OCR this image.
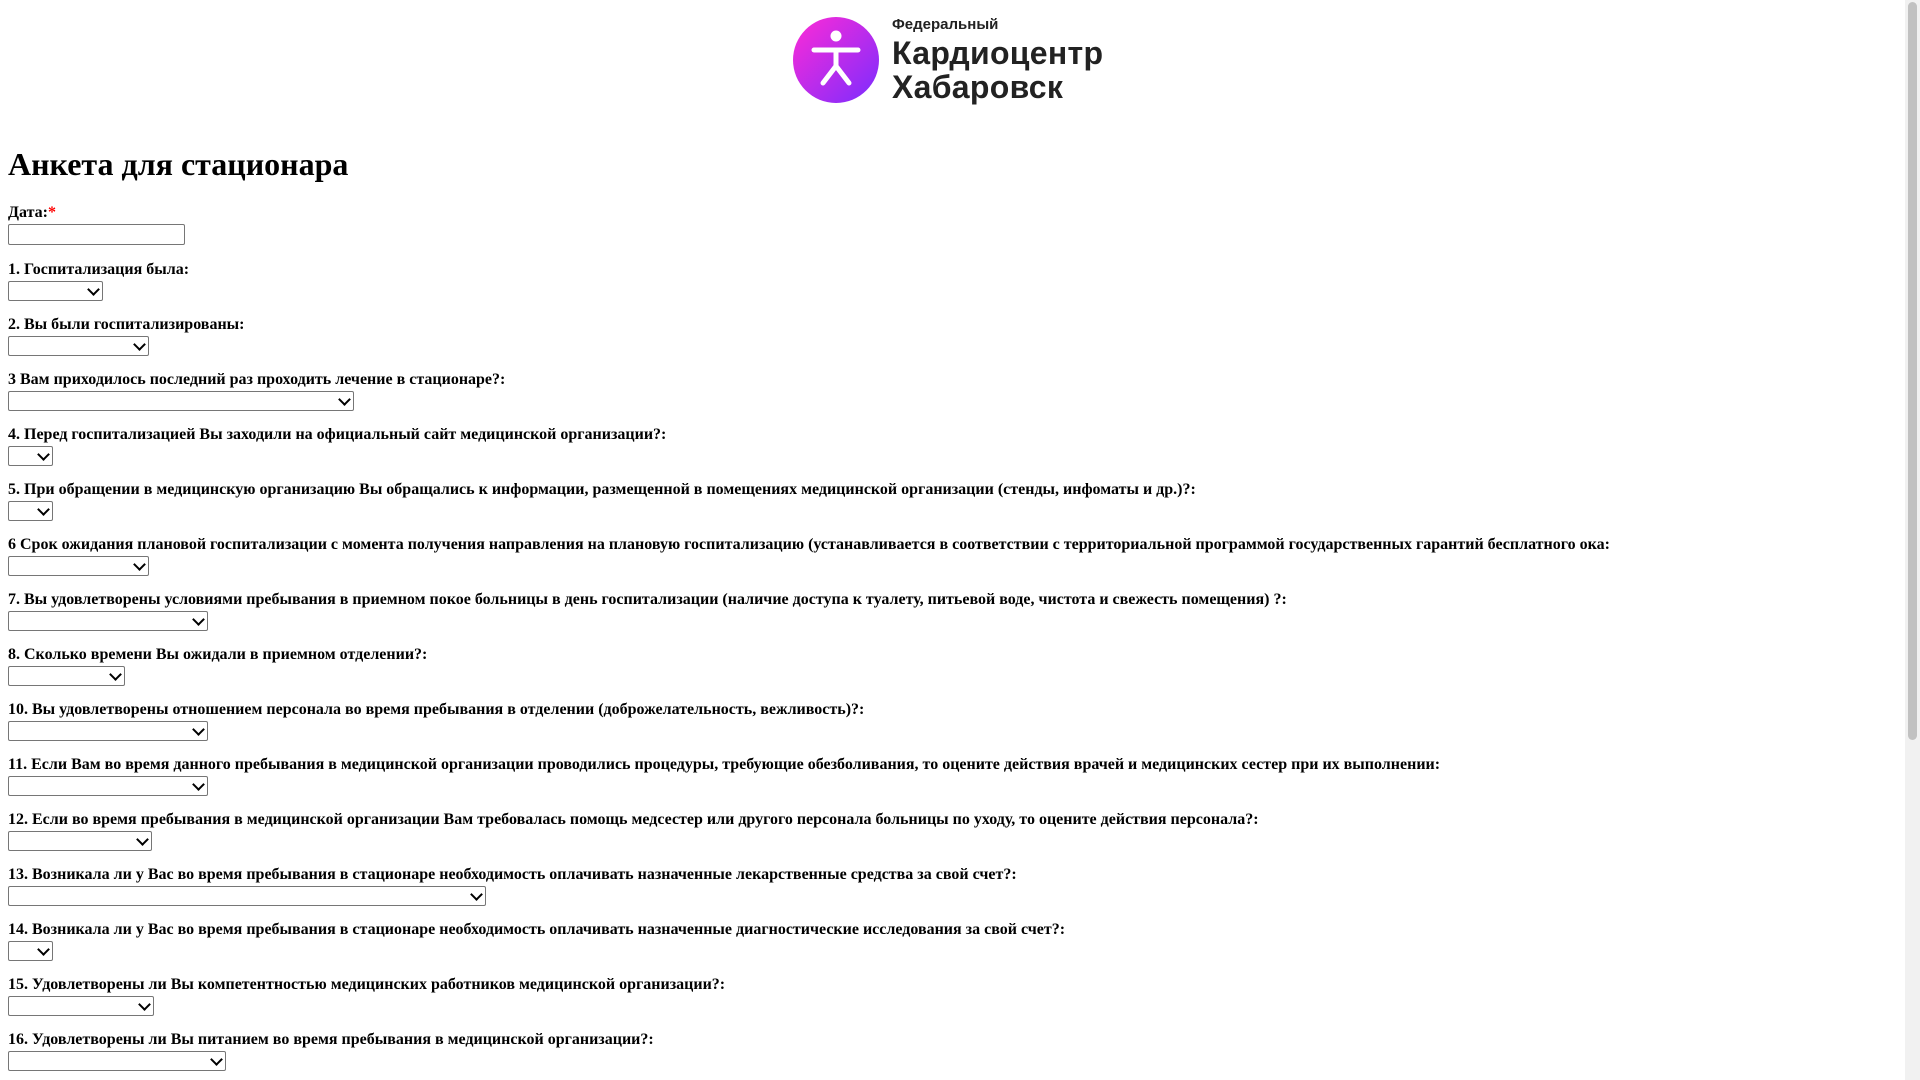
Федеральный
Кардиоцентр
Хабаровск
Анкета для стационара
Дата:*
1. Госпитализация была:
2. Вы были госпитализированы:
3 Вам приходилось последний раз проходить лечение в стационаре?:
4. Перед госпитализацией Вы заходили на официальный сайт медицинской организации?:
5. При обращении в медицинскую организацию Вы обращались к информации, размещенной в помещениях медицинской организации (стенды, инфоматы и др.)?:
6 Срок ожидания плановой госпитализации с момента получения направления на плановую госпитализацию (устанавливается в соответствии с территориальной программой государственных гарантий бесплатного ока:
7. Вы удовлетворены условиями пребывания в приемном покое больницы в день госпитализации (наличие доступа к туалету, питьевой воде, чистота и свежесть помещения) ?:
8. Сколько времени Вы ожидали в приемном отделении?:
10. Вы удовлетворены отношением персонала во время пребывания в отделении (доброжелательность, вежливость)?:
11. Если Вам во время данного пребывания в медицинской организации проводились процедуры, требующие обезболивания, то оцените действия врачей и медицинских сестер при их выполнении:
12. Если во время пребывания в медицинской организации Вам требовалась помощь медсестер или другого персонала больницы по уходу, то оцените действия персонала?:
13. Возникала ли у Вас во время пребывания в стационаре необходимость оплачивать назначенные лекарственные средства за свой счет?:
14. Возникала ли у Вас во время пребывания в стационаре необходимость оплачивать назначенные диагностические исследования за свой счет?:
15. Удовлетворены ли Вы компетентностью медицинских работников медицинской организации?:
16. Удовлетворены ли Вы питанием во время пребывания в медицинской организации?:
